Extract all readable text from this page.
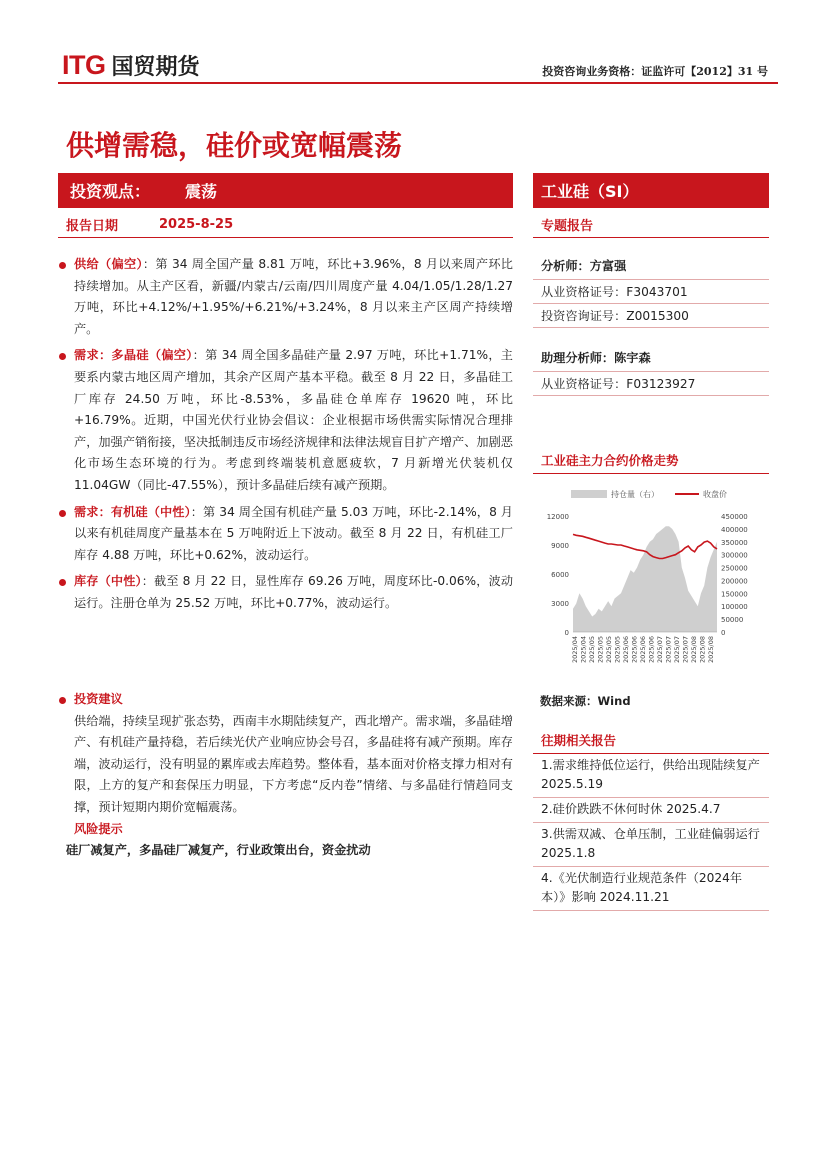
ITG 国贸期货	投资咨询业务资格：证监许可【2012】31 号
供增需稳，硅价或宽幅震荡
投资观点：	震荡
报告日期	2025-8-25
工业硅（SI）
专题报告
供给（偏空）：第 34 周全国产量 8.81 万吨，环比+3.96%，8 月以来周产环比持续增加。从主产区看，新疆/内蒙古/云南/四川周度产量 4.04/1.05/1.28/1.27 万吨，环比+4.12%/+1.95%/+6.21%/+3.24%，8 月以来主产区周产持续增产。
需求：多晶硅（偏空）：第 34 周全国多晶硅产量 2.97 万吨，环比+1.71%，主要系内蒙古地区周产增加，其余产区周产基本平稳。截至 8 月 22 日，多晶硅工厂库存 24.50 万吨，环比-8.53%，多晶硅仓单库存 19620 吨，环比+16.79%。近期，中国光伏行业协会倡议：企业根据市场供需实际情况合理排产，加强产销衔接，坚决抵制违反市场经济规律和法律法规盲目扩产增产、加剧恶化市场生态环境的行为。考虑到终端装机意愿疲软，7 月新增光伏装机仅 11.04GW（同比-47.55%），预计多晶硅后续有减产预期。
需求：有机硅（中性）：第 34 周全国有机硅产量 5.03 万吨，环比-2.14%，8 月以来有机硅周度产量基本在 5 万吨附近上下波动。截至 8 月 22 日，有机硅工厂库存 4.88 万吨，环比+0.62%，波动运行。
库存（中性）：截至 8 月 22 日，显性库存 69.26 万吨，周度环比-0.06%，波动运行。注册仓单为 25.52 万吨，环比+0.77%，波动运行。
投资建议
供给端，持续呈现扩张态势，西南丰水期陆续复产，西北增产。需求端，多晶硅增产、有机硅产量持稳，若后续光伏产业响应协会号召，多晶硅将有减产预期。库存端，波动运行，没有明显的累库或去库趋势。整体看，基本面对价格支撑力相对有限，上方的复产和套保压力明显，下方考虑“反内卷”情绪、与多晶硅行情趋同支撑，预计短期内期价宽幅震荡。
风险提示
硅厂减复产，多晶硅厂减复产，行业政策出台，资金扰动
分析师：方富强
从业资格证号：F3043701
投资咨询证号：Z0015300
助理分析师：陈宇森
从业资格证号：F03123927
工业硅主力合约价格走势
持仓量（右）	收盘价
0
3000
6000
9000
12000
0
50000
100000
150000
200000
250000
300000
350000
400000
450000
2025/04 2025/04 2025/05 2025/05 2025/05 2025/05 2025/06 2025/06 2025/06 2025/06 2025/07 2025/07 2025/07 2025/07 2025/08 2025/08 2025/08
数据来源：Wind
往期相关报告
1.需求维持低位运行，供给出现陆续复产 2025.5.19
2.硅价跌跌不休何时休 2025.4.7
3.供需双减、仓单压制，工业硅偏弱运行 2025.1.8
4.《光伏制造行业规范条件（2024年本）》影响 2024.11.21
